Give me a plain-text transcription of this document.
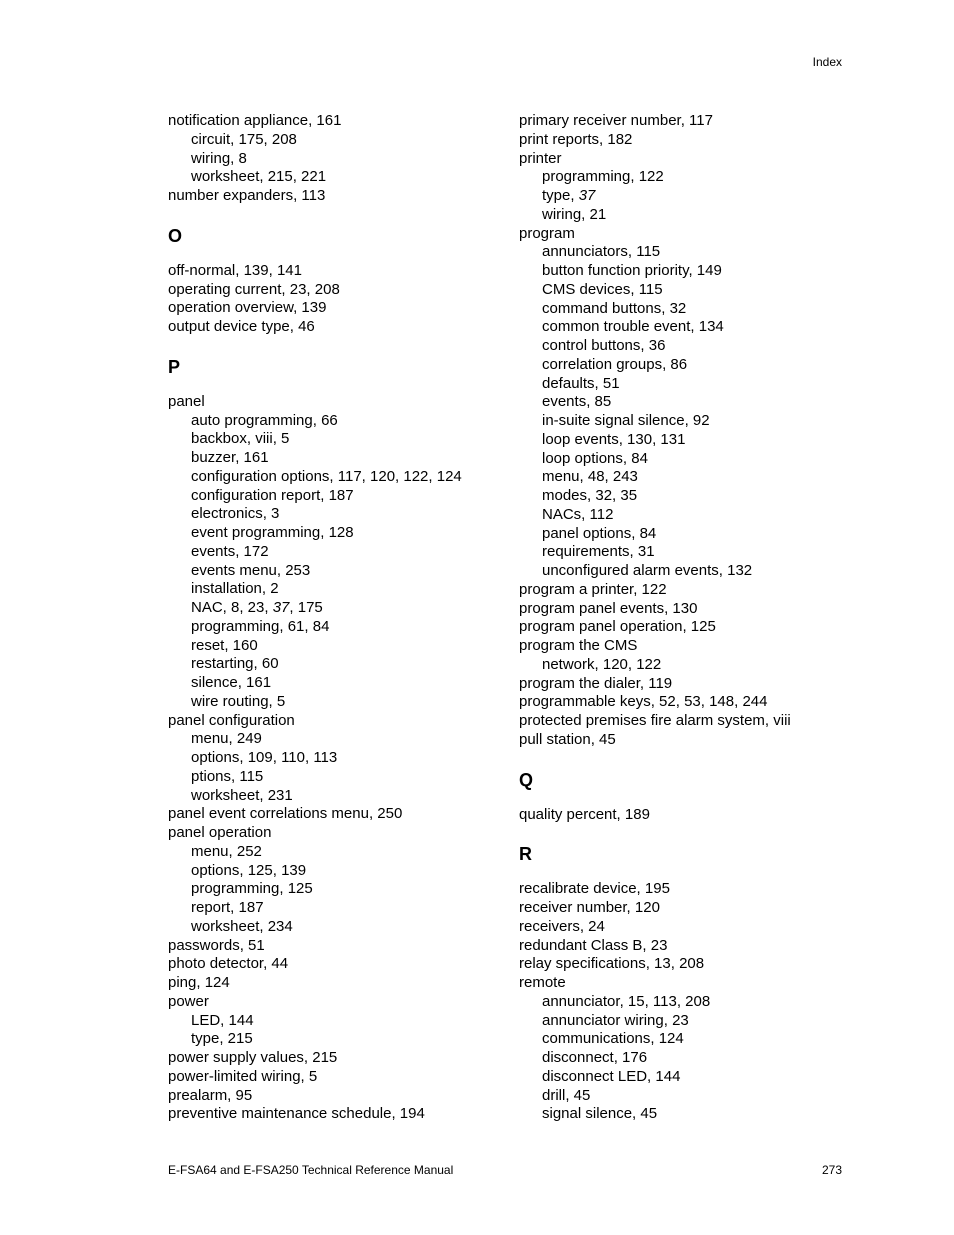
Index
notification appliance, 161
circuit, 175, 208
wiring, 8
worksheet, 215, 221
number expanders, 113
O
off-normal, 139, 141
operating current, 23, 208
operation overview, 139
output device type, 46
P
panel
auto programming, 66
backbox, viii, 5
buzzer, 161
configuration options, 117, 120, 122, 124
configuration report, 187
electronics, 3
event programming, 128
events, 172
events menu, 253
installation, 2
NAC, 8, 23, 37, 175
programming, 61, 84
reset, 160
restarting, 60
silence, 161
wire routing, 5
panel configuration
menu, 249
options, 109, 110, 113
ptions, 115
worksheet, 231
panel event correlations menu, 250
panel operation
menu, 252
options, 125, 139
programming, 125
report, 187
worksheet, 234
passwords, 51
photo detector, 44
ping, 124
power
LED, 144
type, 215
power supply values, 215
power-limited wiring, 5
prealarm, 95
preventive maintenance schedule, 194
primary receiver number, 117
print reports, 182
printer
programming, 122
type, 37
wiring, 21
program
annunciators, 115
button function priority, 149
CMS devices, 115
command buttons, 32
common trouble event, 134
control buttons, 36
correlation groups, 86
defaults, 51
events, 85
in-suite signal silence, 92
loop events, 130, 131
loop options, 84
menu, 48, 243
modes, 32, 35
NACs, 112
panel options, 84
requirements, 31
unconfigured alarm events, 132
program a printer, 122
program panel events, 130
program panel operation, 125
program the CMS
network, 120, 122
program the dialer, 119
programmable keys, 52, 53, 148, 244
protected premises fire alarm system, viii
pull station, 45
Q
quality percent, 189
R
recalibrate device, 195
receiver number, 120
receivers, 24
redundant Class B, 23
relay specifications, 13, 208
remote
annunciator, 15, 113, 208
annunciator wiring, 23
communications, 124
disconnect, 176
disconnect LED, 144
drill, 45
signal silence, 45
E-FSA64 and E-FSA250 Technical Reference Manual	273
